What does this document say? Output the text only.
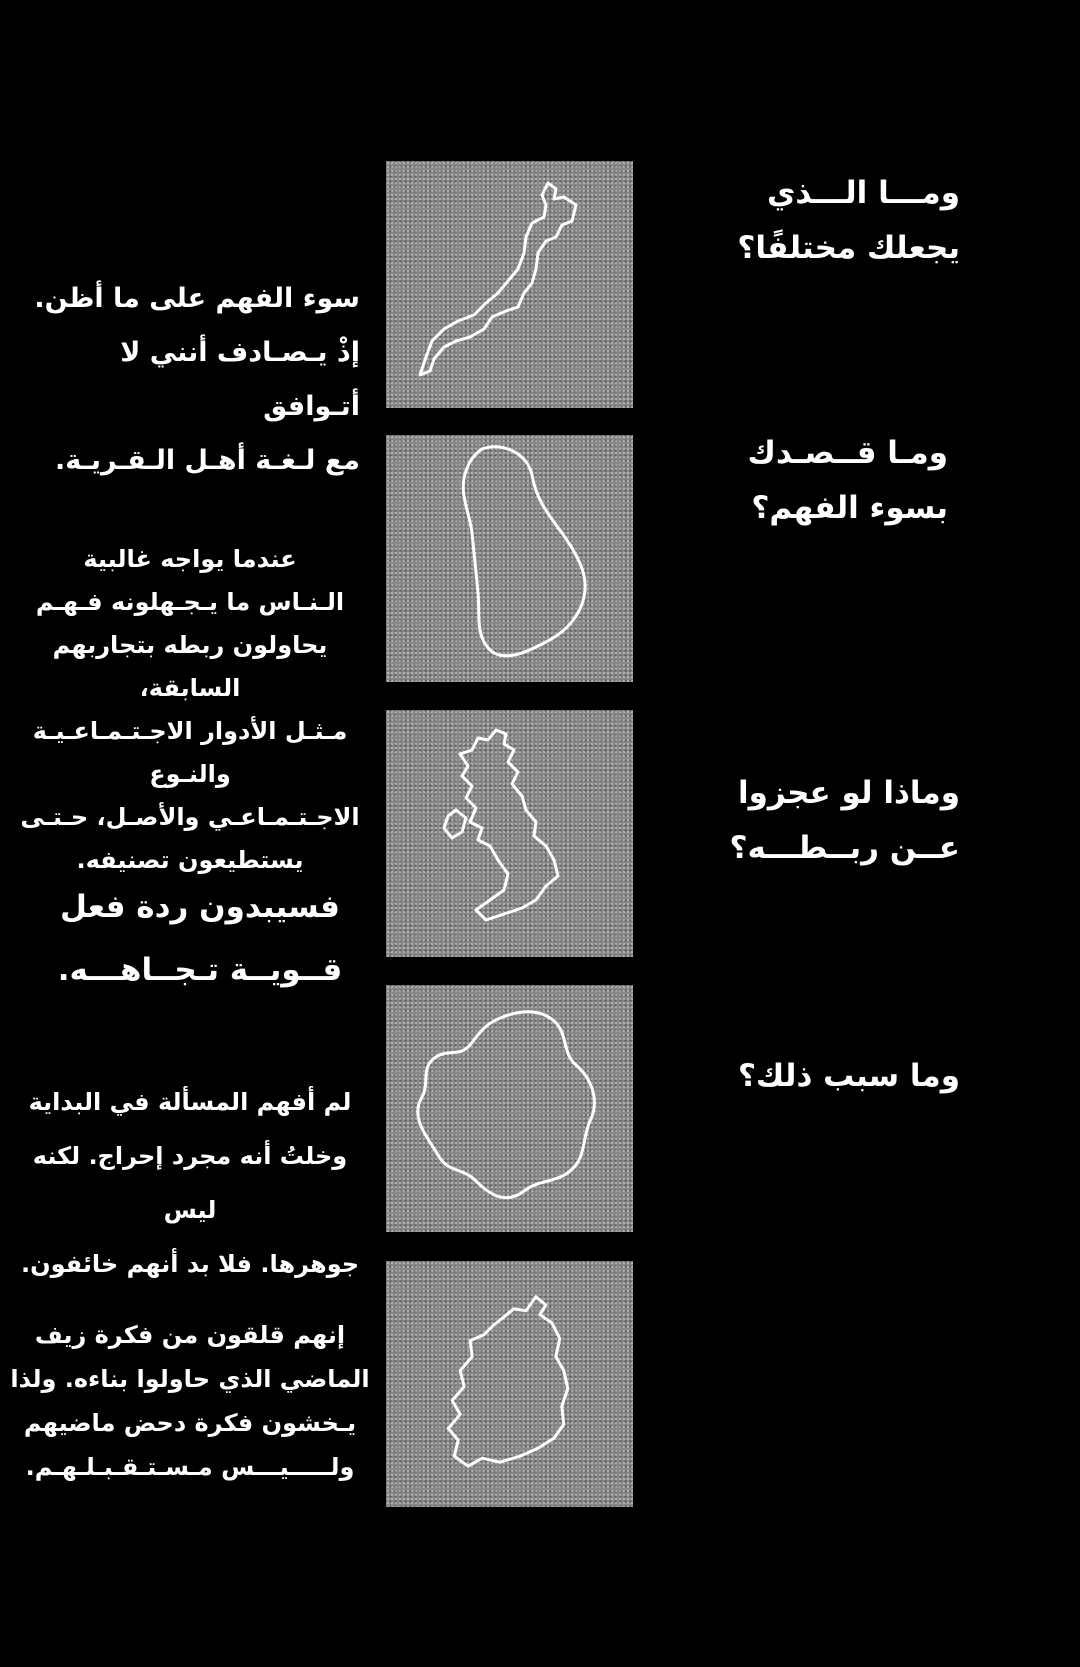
ومـــا الـــذي
يجعلك مختلفًا؟
ومـا قــصـدك
بسوء الفهم؟
وماذا لو عجزوا
عــن ربــطـــه؟
وما سبب ذلك؟
سوء الفهم على ما أظن.
إذْ يـصـادف أنني لا أتـوافق
مع لـغـة أهـل الـقـريـة.
عندما يواجه غالبية
الـنـاس ما يـجـهلونه فـهـم
يحاولون ربطه بتجاربهم السابقة،
مـثـل الأدوار الاجـتـمـاعـيـة والنـوع
الاجـتـمـاعـي والأصـل، حـتـى
يستطيعون تصنيفه.
فسيبدون ردة فعل
قــويــة تـجــاهـــه.
لم أفهم المسألة في البداية
وخلتُ أنه مجرد إحراج. لكنه ليس
جوهرها. فلا بد أنهم خائفون.
إنهم قلقون من فكرة زيف
الماضي الذي حاولوا بناءه. ولذا
يـخشون فكرة دحض ماضيهم
ولـــــيـــس مـسـتـقـبـلـهـم.
